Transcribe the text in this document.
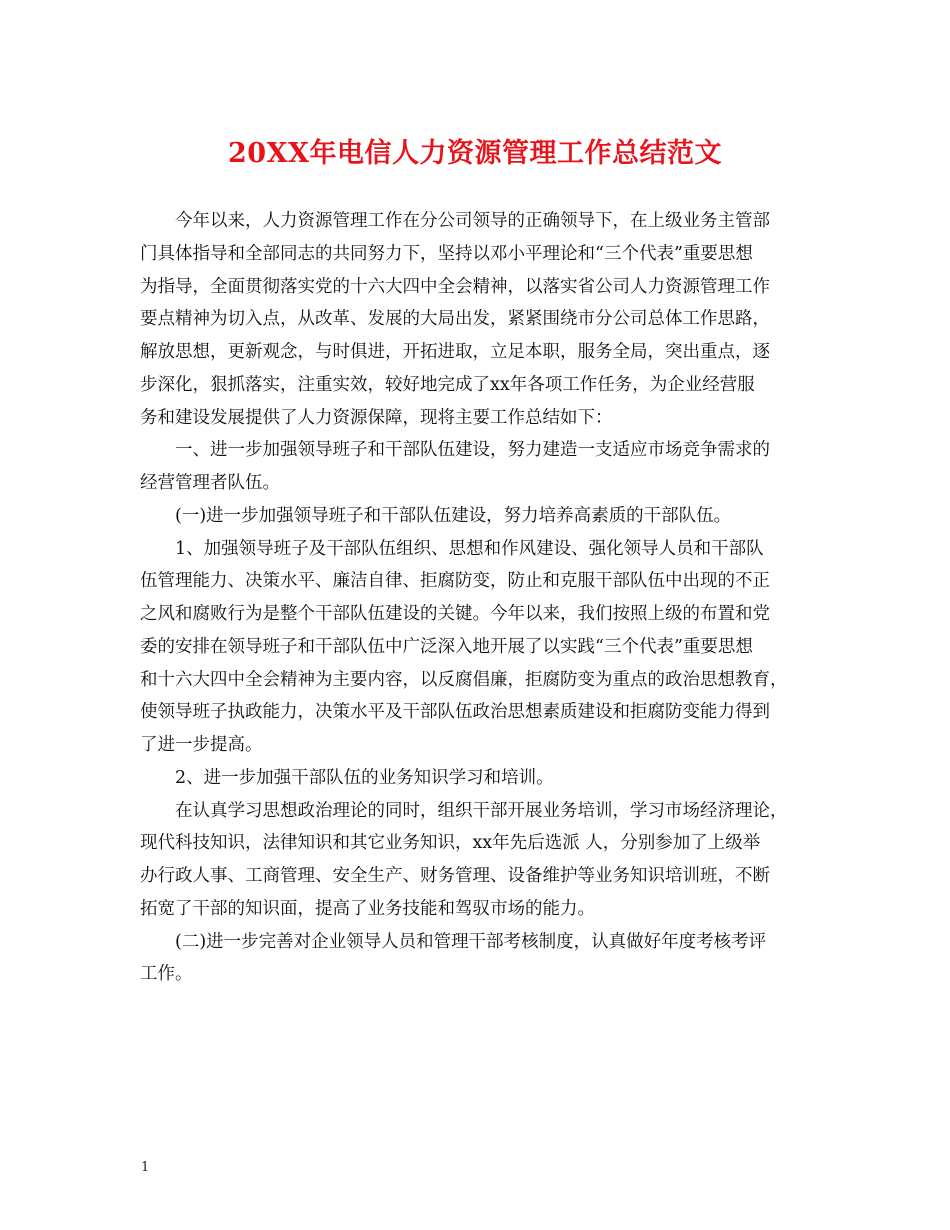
20XX年电信人力资源管理工作总结范文
今年以来，人力资源管理工作在分公司领导的正确领导下，在上级业务主管部
门具体指导和全部同志的共同努力下，坚持以邓小平理论和“三个代表”重要思想
为指导，全面贯彻落实党的十六大四中全会精神，以落实省公司人力资源管理工作
要点精神为切入点，从改革、发展的大局出发，紧紧围绕市分公司总体工作思路，
解放思想，更新观念，与时俱进，开拓进取，立足本职，服务全局，突出重点，逐
步深化，狠抓落实，注重实效，较好地完成了xx年各项工作任务，为企业经营服
务和建设发展提供了人力资源保障，现将主要工作总结如下：
一、进一步加强领导班子和干部队伍建设，努力建造一支适应市场竞争需求的
经营管理者队伍。
(一)进一步加强领导班子和干部队伍建设，努力培养高素质的干部队伍。
1、加强领导班子及干部队伍组织、思想和作风建设、强化领导人员和干部队
伍管理能力、决策水平、廉洁自律、拒腐防变，防止和克服干部队伍中出现的不正
之风和腐败行为是整个干部队伍建设的关键。今年以来，我们按照上级的布置和党
委的安排在领导班子和干部队伍中广泛深入地开展了以实践“三个代表”重要思想
和十六大四中全会精神为主要内容，以反腐倡廉，拒腐防变为重点的政治思想教育，
使领导班子执政能力，决策水平及干部队伍政治思想素质建设和拒腐防变能力得到
了进一步提高。
2、进一步加强干部队伍的业务知识学习和培训。
在认真学习思想政治理论的同时，组织干部开展业务培训，学习市场经济理论，
现代科技知识，法律知识和其它业务知识，xx年先后选派 人，分别参加了上级举
办行政人事、工商管理、安全生产、财务管理、设备维护等业务知识培训班，不断
拓宽了干部的知识面，提高了业务技能和驾驭市场的能力。
(二)进一步完善对企业领导人员和管理干部考核制度，认真做好年度考核考评
工作。
1
